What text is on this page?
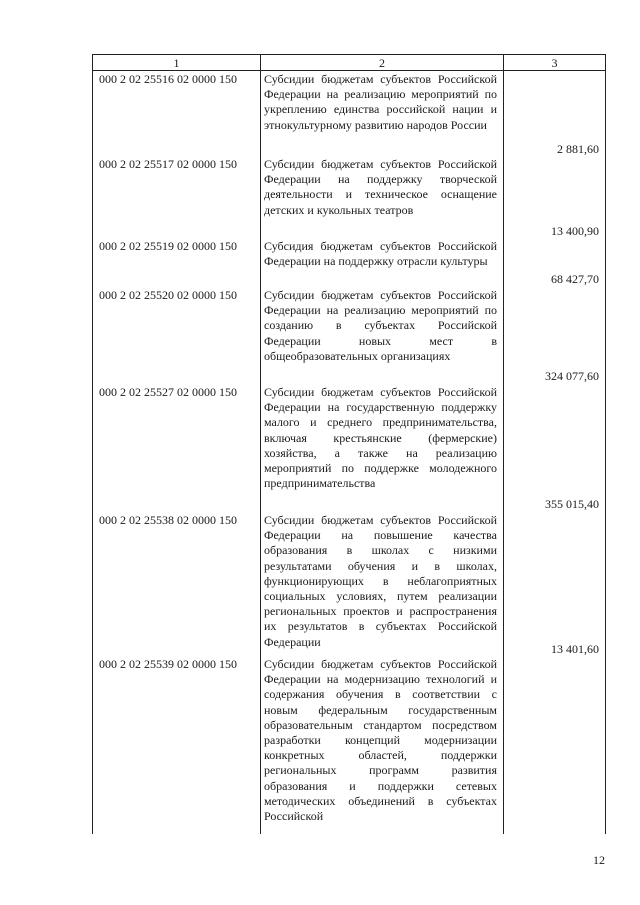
1	2	3
000 2 02 25516 02 0000 150 Субсидии бюджетам субъектов Российской Федерации на реализацию мероприятий по укреплению единства российской нации и этнокультурному развитию народов России
2 881,60
000 2 02 25517 02 0000 150 Субсидии бюджетам субъектов Российской Федерации на поддержку творческой деятельности и техническое оснащение детских и кукольных театров
13 400,90
000 2 02 25519 02 0000 150 Субсидия бюджетам субъектов Российской Федерации на поддержку отрасли культуры
68 427,70
000 2 02 25520 02 0000 150 Субсидии бюджетам субъектов Российской Федерации на реализацию мероприятий по созданию в субъектах Российской Федерации новых мест в общеобразовательных организациях
324 077,60
000 2 02 25527 02 0000 150 Субсидии бюджетам субъектов Российской Федерации на государственную поддержку малого и среднего предпринимательства, включая крестьянские (фермерские) хозяйства, а также на реализацию мероприятий по поддержке молодежного предпринимательства
355 015,40
000 2 02 25538 02 0000 150 Субсидии бюджетам субъектов Российской Федерации на повышение качества образования в школах с низкими результатами обучения и в школах, функционирующих в неблагоприятных социальных условиях, путем реализации региональных проектов и распространения их результатов в субъектах Российской Федерации
13 401,60
000 2 02 25539 02 0000 150 Субсидии бюджетам субъектов Российской Федерации на модернизацию технологий и содержания обучения в соответствии с новым федеральным государственным образовательным стандартом посредством разработки концепций модернизации конкретных областей, поддержки региональных программ развития образования и поддержки сетевых методических объединений в субъектах Российской
12
